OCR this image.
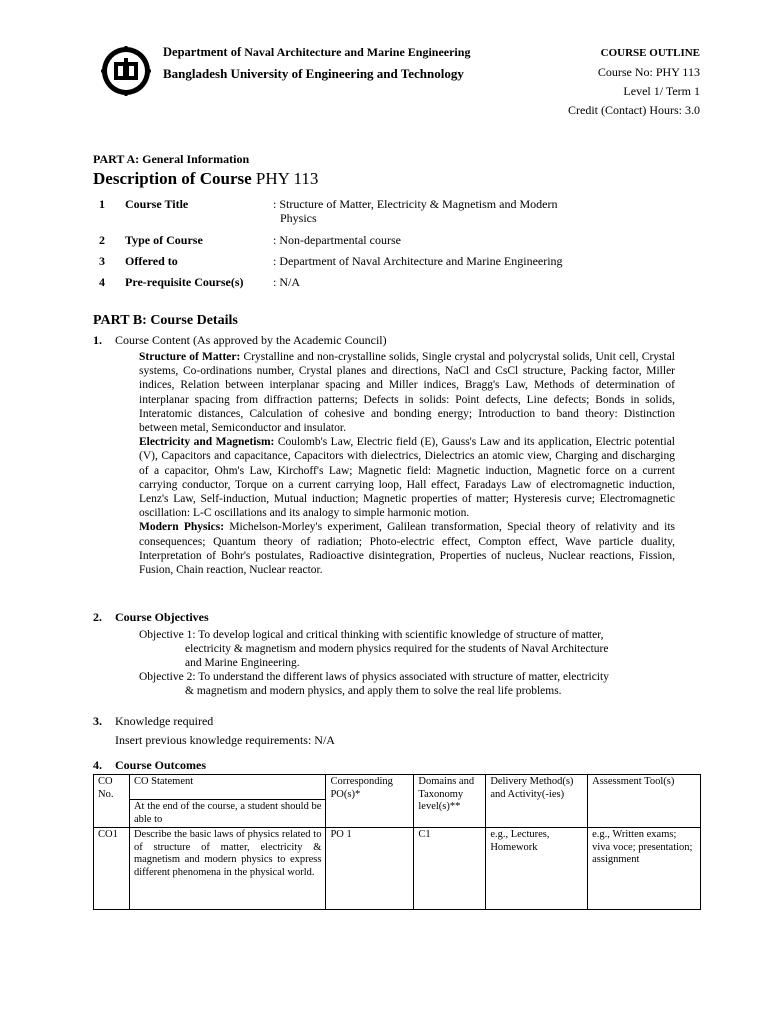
Department of Naval Architecture and Marine Engineering
Bangladesh University of Engineering and Technology
COURSE OUTLINE
Course No: PHY 113
Level 1/ Term 1
Credit (Contact) Hours: 3.0
PART A: General Information
Description of Course PHY 113
1 Course Title	: Structure of Matter, Electricity & Magnetism and Modern
Physics
2 Type of Course	: Non-departmental course
3 Offered to	: Department of Naval Architecture and Marine Engineering
4 Pre-requisite Course(s) : N/A
PART B: Course Details
1. Course Content (As approved by the Academic Council)

Structure of Matter: Crystalline and non-crystalline solids, Single crystal and polycrystal solids, Unit cell, Crystal systems, Co-ordinations number, Crystal planes and directions, NaCl and CsCl structure, Packing factor, Miller indices, Relation between interplanar spacing and Miller indices, Bragg's Law, Methods of determination of interplanar spacing from diffraction patterns; Defects in solids: Point defects, Line defects; Bonds in solids, Interatomic distances, Calculation of cohesive and bonding energy; Introduction to band theory: Distinction between metal, Semiconductor and insulator.

Electricity and Magnetism: Coulomb's Law, Electric field (E), Gauss's Law and its application, Electric potential (V), Capacitors and capacitance, Capacitors with dielectrics, Dielectrics an atomic view, Charging and discharging of a capacitor, Ohm's Law, Kirchoff's Law; Magnetic field: Magnetic induction, Magnetic force on a current carrying conductor, Torque on a current carrying loop, Hall effect, Faradays Law of electromagnetic induction, Lenz's Law, Self-induction, Mutual induction; Magnetic properties of matter; Hysteresis curve; Electromagnetic oscillation: L-C oscillations and its analogy to simple harmonic motion.

Modern Physics: Michelson-Morley's experiment, Galilean transformation, Special theory of relativity and its consequences; Quantum theory of radiation; Photo-electric effect, Compton effect, Wave particle duality, Interpretation of Bohr's postulates, Radioactive disintegration, Properties of nucleus, Nuclear reactions, Fission, Fusion, Chain reaction, Nuclear reactor.

2. Course Objectives
Objective 1: To develop logical and critical thinking with scientific knowledge of structure of matter,
electricity & magnetism and modern physics required for the students of Naval Architecture
and Marine Engineering.
Objective 2: To understand the different laws of physics associated with structure of matter, electricity
& magnetism and modern physics, and apply them to solve the real life problems.
3. Knowledge required
Insert previous knowledge requirements: N/A
4. Course Outcomes
CO No.	CO Statement	Corresponding PO(s)*	Domains and Taxonomy level(s)**	Delivery Method(s) and Activity(-ies)	Assessment Tool(s)
	At the end of the course, a student should be able to				
CO1	Describe the basic laws of physics related to of structure of matter, electricity & magnetism and modern physics to express different phenomena in the physical world.	PO 1	C1	e.g., Lectures, Homework	e.g., Written exams; viva voce; presentation; assignment
